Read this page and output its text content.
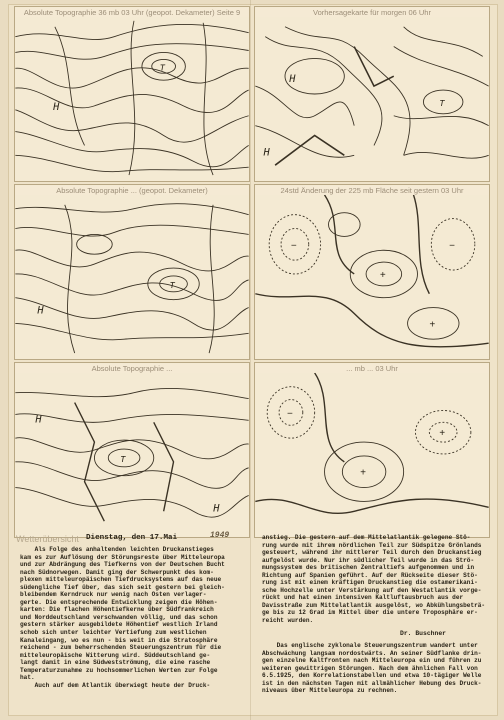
Absolute Topographie 36 mb 03 Uhr (geopot. Dekameter) Seite 9
H
T
Vorhersagekarte für morgen 06 Uhr
H
H
T
Absolute Topographie ... (geopot. Dekameter)
T
H
24std Änderung der 225 mb Fläche seit gestern 03 Uhr
−
+
−
+
Absolute Topographie ...
T
H
H
... mb ... 03 Uhr
−
+
+
Wetterübersicht Dienstag, den 17.Mai	1949
Als Folge des anhaltenden leichten Druckanstieges
kam es zur Auflösung der Störungsreste über Mitteleuropa
und zur Abdrängung des Tiefkerns von der Deutschen Bucht
nach Südnorwegen. Damit ging der Schwerpunkt des kom-
plexen mitteleuropäischen Tiefdrucksystems auf das neue
südengliche Tief über, das sich seit gestern bei gleich-
bleibendem Kerndruck nur wenig nach Osten verlager-
gerte. Die entsprechende Entwicklung zeigen die Höhen-
karten: Die flachen Höhentiefkerne über Südfrankreich
und Norddeutschland verschwanden völlig, und das schon
gestern stärker ausgebildete Höhentief westlich Irland
schob sich unter leichter Vertiefung zum westlichen
Kanaleingang, wo es nun - bis weit in die Stratosphäre
reichend - zum beherrschenden Steuerungszentrum für die
mitteleuropäische Witterung wird. Süddeutschland ge-
langt damit in eine Südwestströmung, die eine rasche
Temperaturzunahme zu hochsommerlichen Werten zur Folge
hat.
Auch auf dem Atlantik überwiegt heute der Druck-
anstieg. Die gestern auf dem Mittelatlantik gelegene Stö-
rung wurde mit ihrem nördlichen Teil zur Südspitze Grönlands
gesteuert, während ihr mittlerer Teil durch den Druckanstieg
aufgelöst wurde. Nur ihr südlicher Teil wurde in das Strö-
mungssystem des britischen Zentraltiefs aufgenommen und in
Richtung auf Spanien geführt. Auf der Rückseite dieser Stö-
rung ist mit einem kräftigen Druckanstieg die ostamerikani-
sche Hochzelle unter Verstärkung auf den Westatlantik vorge-
rückt und hat einen intensiven Kaltluftausbruch aus der
Davisstraße zum Mittelatlantik ausgelöst, wo Abkühlungsbeträ-
ge bis zu 12 Grad im Mittel über die untere Troposphäre er-
reicht wurden.
Dr. Buschner
Das englische zyklonale Steuerungszentrum wandert unter
Abschwächung langsam nordostwärts. An seiner Südflanke drin-
gen einzelne Kaltfronten nach Mitteleuropa ein und führen zu
weiteren gewittrigen Störungen. Nach dem ähnlichen Fall von
6.5.1925, den Korrelationstabellen und etwa 10-tägiger Welle
ist in den nächsten Tagen mit allmählicher Hebung des Druck-
niveaus über Mitteleuropa zu rechnen.
